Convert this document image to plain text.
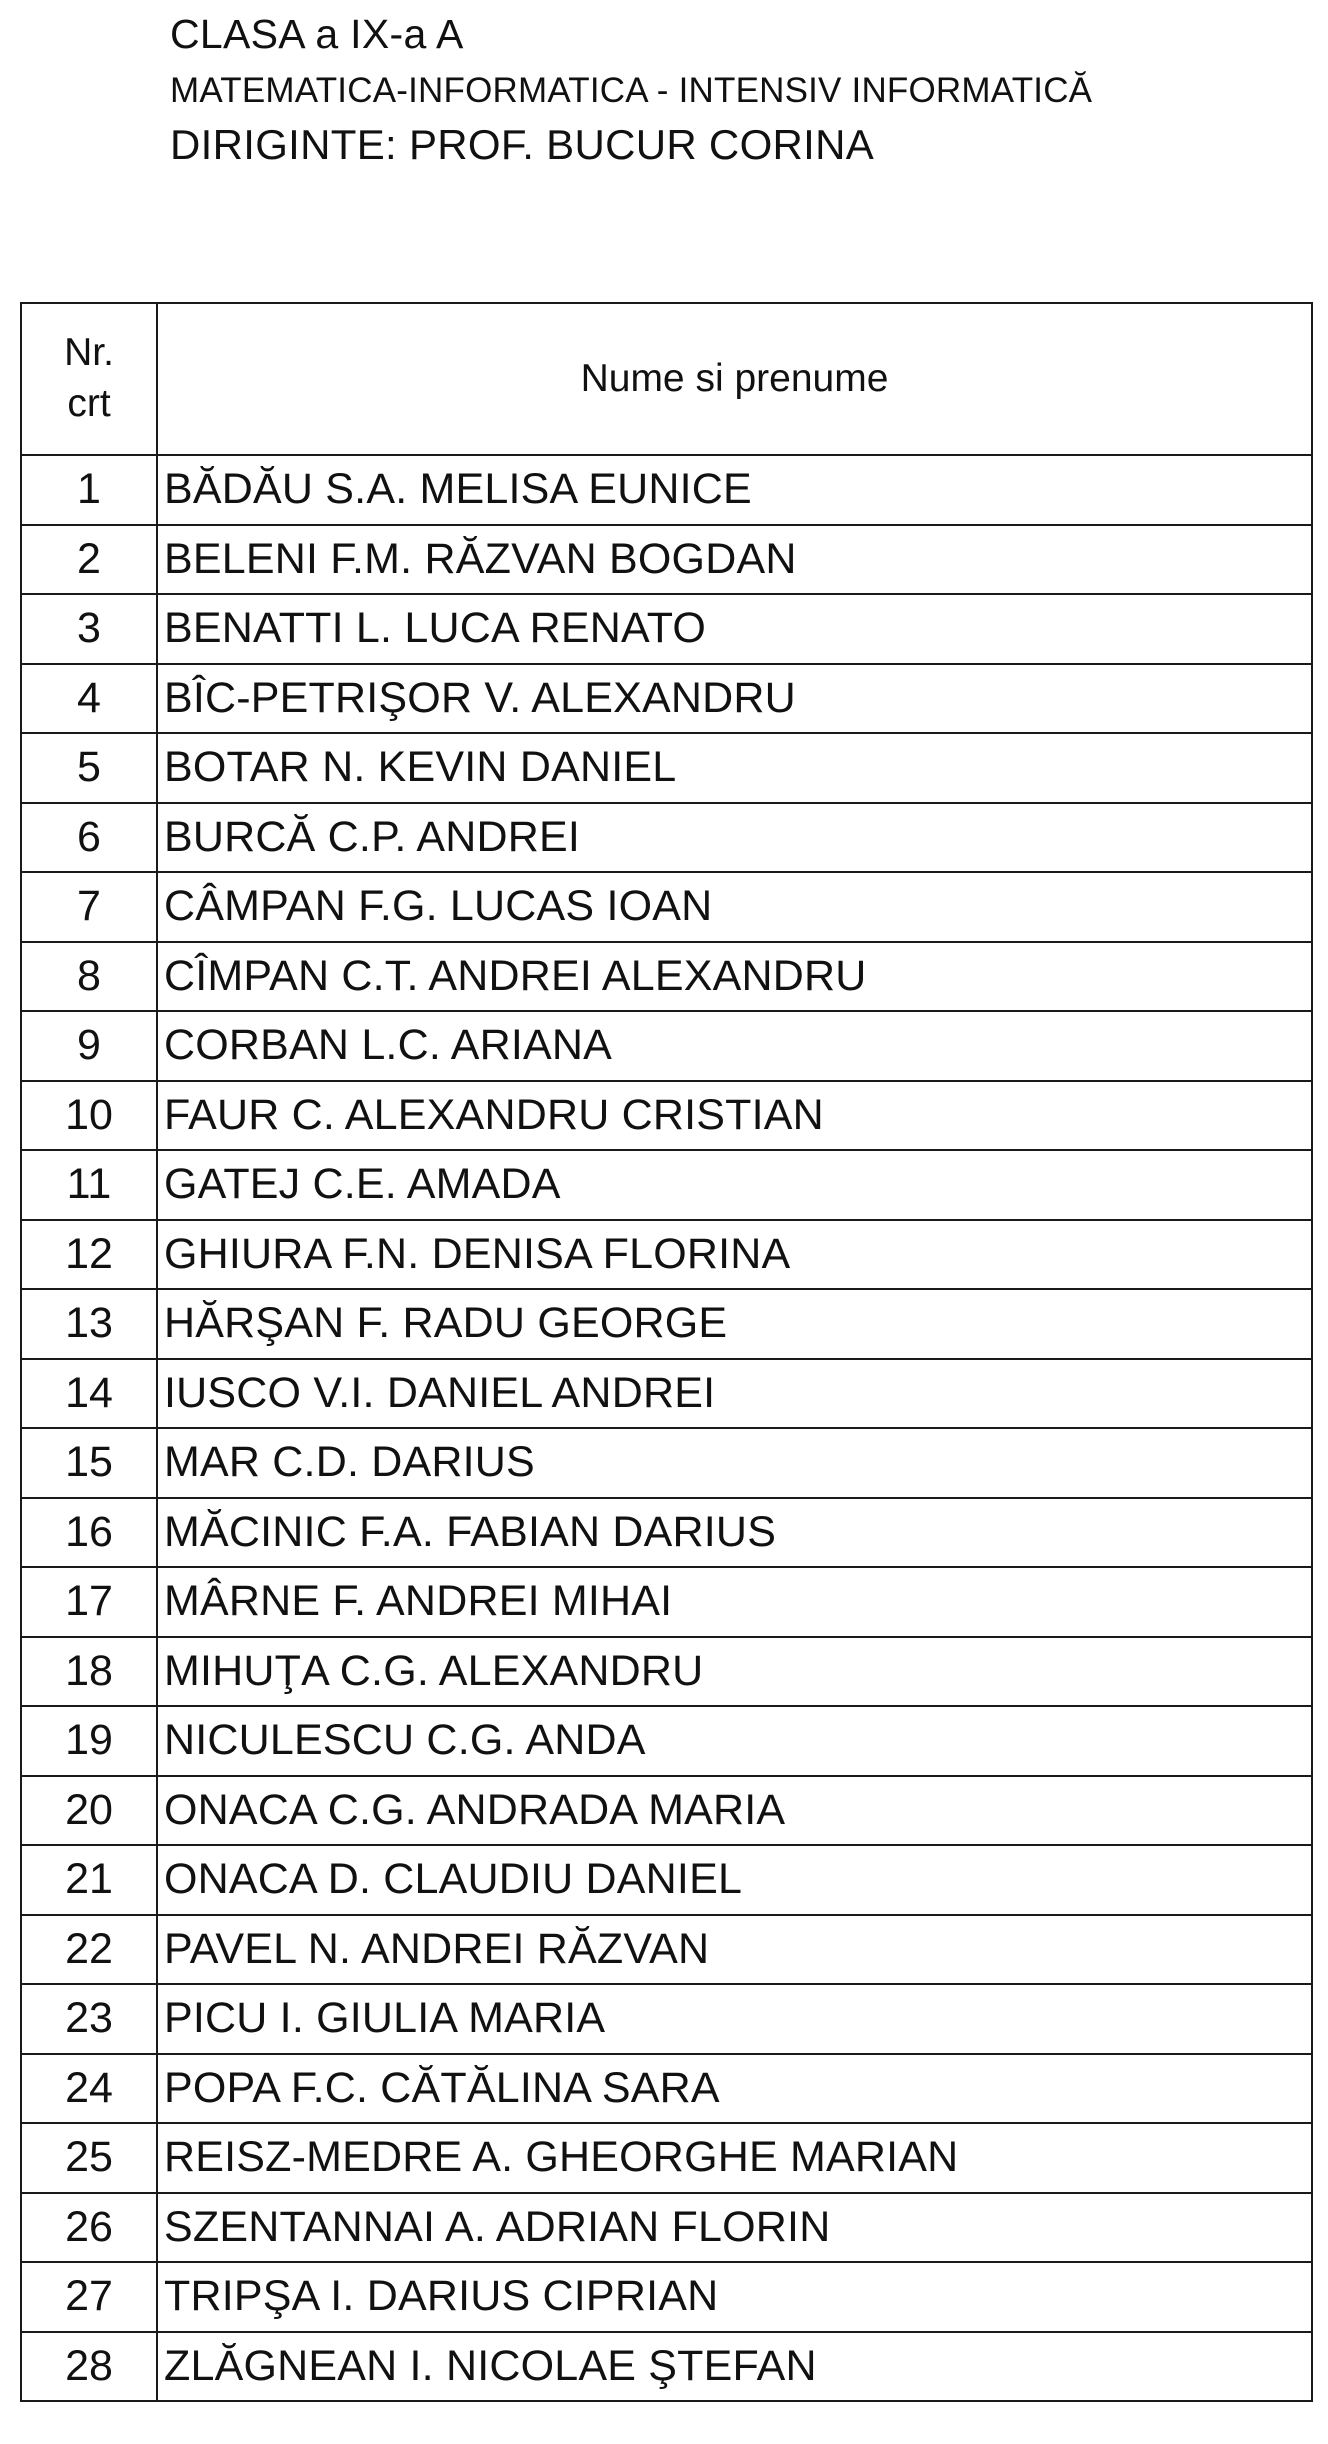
CLASA a IX-a A
MATEMATICA-INFORMATICA - INTENSIV INFORMATICĂ
DIRIGINTE: PROF. BUCUR CORINA
Nr.
crt	Nume si prenume
1	BĂDĂU S.A. MELISA EUNICE
2	BELENI F.M. RĂZVAN BOGDAN
3	BENATTI L. LUCA RENATO
4	BÎC-PETRIŞOR V. ALEXANDRU
5	BOTAR N. KEVIN DANIEL
6	BURCĂ C.P. ANDREI
7	CÂMPAN F.G. LUCAS IOAN
8	CÎMPAN C.T. ANDREI ALEXANDRU
9	CORBAN L.C. ARIANA
10	FAUR C. ALEXANDRU CRISTIAN
11	GATEJ C.E. AMADA
12	GHIURA F.N. DENISA FLORINA
13	HĂRŞAN F. RADU GEORGE
14	IUSCO V.I. DANIEL ANDREI
15	MAR C.D. DARIUS
16	MĂCINIC F.A. FABIAN DARIUS
17	MÂRNE F. ANDREI MIHAI
18	MIHUŢA C.G. ALEXANDRU
19	NICULESCU C.G. ANDA
20	ONACA C.G. ANDRADA MARIA
21	ONACA D. CLAUDIU DANIEL
22	PAVEL N. ANDREI RĂZVAN
23	PICU I. GIULIA MARIA
24	POPA F.C. CĂTĂLINA SARA
25	REISZ-MEDRE A. GHEORGHE MARIAN
26	SZENTANNAI A. ADRIAN FLORIN
27	TRIPŞA I. DARIUS CIPRIAN
28	ZLĂGNEAN I. NICOLAE ŞTEFAN
